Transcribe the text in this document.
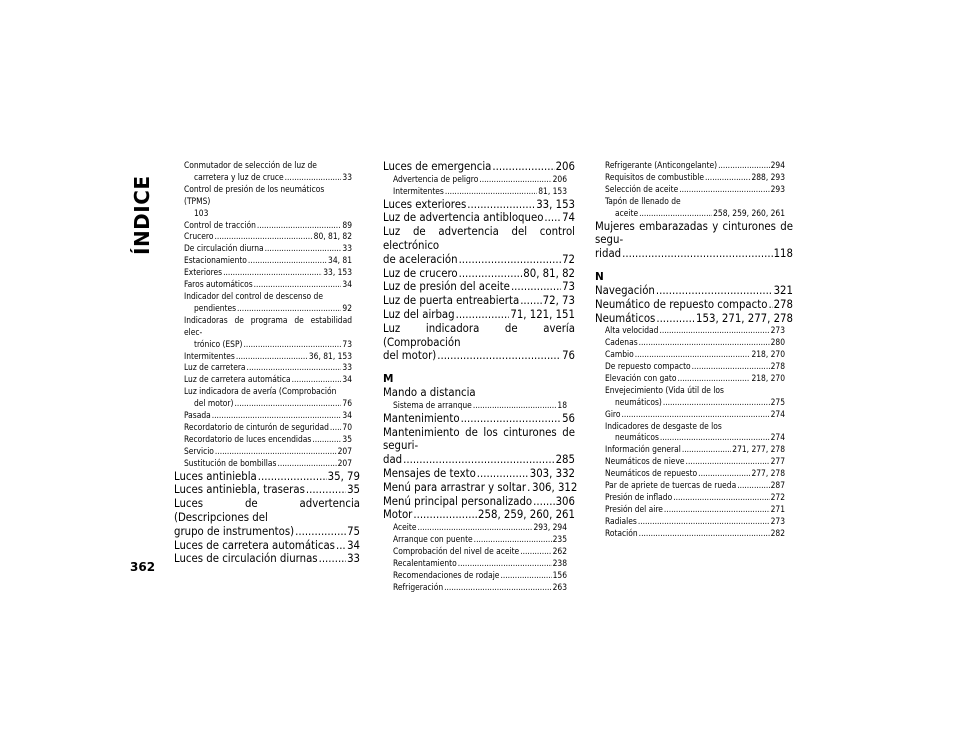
ÍNDICE
362
Conmutador de selección de luz de
carretera y luz de cruce .....	33
Control de presión de los neumáticos (TPMS)
103
Control de tracción .....	89
Crucero .....	80, 81, 82
De circulación diurna .....	33
Estacionamiento .....	34, 81
Exteriores .....	33, 153
Faros automáticos .....	34
Indicador del control de descenso de
pendientes .....	92
Indicadoras de programa de estabilidad elec-
trónico (ESP) .....	73
Intermitentes .....	36, 81, 153
Luz de carretera .....	33
Luz de carretera automática .....	34
Luz indicadora de avería (Comprobación
del motor) .....	76
Pasada .....	34
Recordatorio de cinturón de seguridad ..... 70
Recordatorio de luces encendidas .....	35
Servicio .....	207
Sustitución de bombillas .....	207
Luces antiniebla .....	35, 79
Luces antiniebla, traseras .....	35
Luces de advertencia (Descripciones del
grupo de instrumentos) .....	75
Luces de carretera automáticas ..... 34
Luces de circulación diurnas .....	33
Luces de emergencia .....	206
Advertencia de peligro .....	206
Intermitentes .....	81, 153
Luces exteriores .....	33, 153
Luz de advertencia antibloqueo ..... 74
Luz de advertencia del control electrónico
de aceleración .....	72
Luz de crucero .....	80, 81, 82
Luz de presión del aceite .....	73
Luz de puerta entreabierta ..... 72, 73
Luz del airbag .....	71, 121, 151
Luz indicadora de avería (Comprobación
del motor) .....	76
M
Mando a distancia
Sistema de arranque .....	18
Mantenimiento .....	56
Mantenimiento de los cinturones de seguri-
dad .....	285
Mensajes de texto .....	303, 332
Menú para arrastrar y soltar ..... 306, 312
Menú principal personalizado ..... 306
Motor .....	258, 259, 260, 261
Aceite .....	293, 294
Arranque con puente .....	235
Comprobación del nivel de aceite .....	262
Recalentamiento .....	238
Recomendaciones de rodaje .....	156
Refrigeración .....	263
Refrigerante (Anticongelante) .....	294
Requisitos de combustible .....	288, 293
Selección de aceite .....	293
Tapón de llenado de
aceite .....	258, 259, 260, 261
Mujeres embarazadas y cinturones de segu-
ridad .....	118
N
Navegación .....	321
Neumático de repuesto compacto ..... 278
Neumáticos .....	153, 271, 277, 278
Alta velocidad .....	273
Cadenas .....	280
Cambio .....	218, 270
De repuesto compacto .....	278
Elevación con gato .....	218, 270
Envejecimiento (Vida útil de los
neumáticos) .....	275
Giro .....	274
Indicadores de desgaste de los
neumáticos .....	274
Información general .....	271, 277, 278
Neumáticos de nieve .....	277
Neumáticos de repuesto .....	277, 278
Par de apriete de tuercas de rueda .....	287
Presión de inflado .....	272
Presión del aire .....	271
Radiales .....	273
Rotación .....	282
